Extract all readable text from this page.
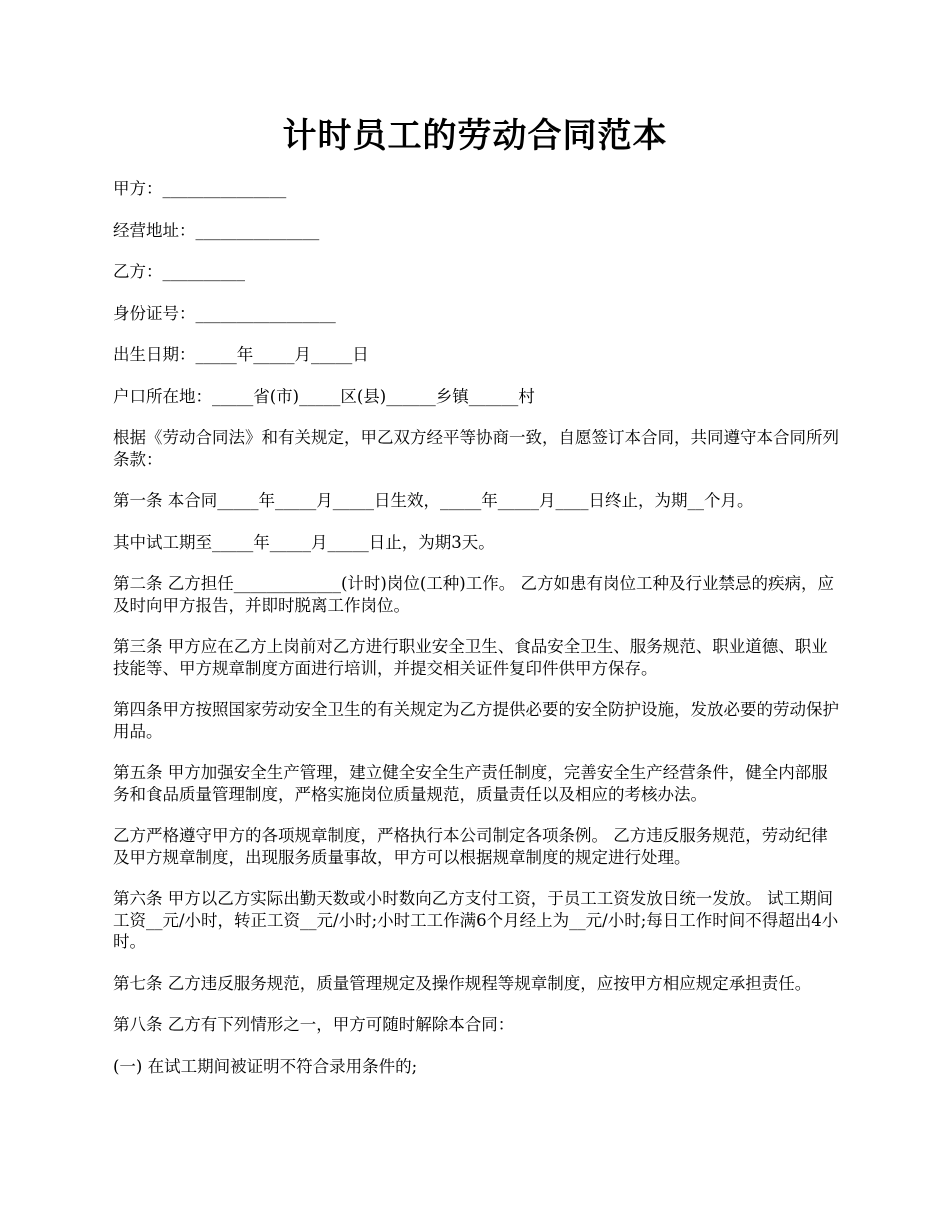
计时员工的劳动合同范本

甲方：_______________

经营地址：_______________

乙方：__________

身份证号：_________________

出生日期：_____年_____月_____日

户口所在地：_____省(市)_____区(县)______乡镇______村

根据《劳动合同法》和有关规定，甲乙双方经平等协商一致，自愿签订本合同，共同遵守本合同所列条款：

第一条 本合同_____年_____月_____日生效，_____年_____月____日终止，为期__个月。

其中试工期至_____年_____月_____日止，为期3天。

第二条 乙方担任_____________(计时)岗位(工种)工作。 乙方如患有岗位工种及行业禁忌的疾病，应及时向甲方报告，并即时脱离工作岗位。

第三条 甲方应在乙方上岗前对乙方进行职业安全卫生、食品安全卫生、服务规范、职业道德、职业技能等、甲方规章制度方面进行培训，并提交相关证件复印件供甲方保存。

第四条甲方按照国家劳动安全卫生的有关规定为乙方提供必要的安全防护设施，发放必要的劳动保护用品。

第五条 甲方加强安全生产管理，建立健全安全生产责任制度，完善安全生产经营条件，健全内部服务和食品质量管理制度，严格实施岗位质量规范，质量责任以及相应的考核办法。

乙方严格遵守甲方的各项规章制度，严格执行本公司制定各项条例。 乙方违反服务规范，劳动纪律及甲方规章制度，出现服务质量事故，甲方可以根据规章制度的规定进行处理。

第六条 甲方以乙方实际出勤天数或小时数向乙方支付工资，于员工工资发放日统一发放。 试工期间工资__元/小时，转正工资__元/小时;小时工工作满6个月经上为__元/小时;每日工作时间不得超出4小时。

第七条 乙方违反服务规范，质量管理规定及操作规程等规章制度，应按甲方相应规定承担责任。

第八条 乙方有下列情形之一，甲方可随时解除本合同：

(一) 在试工期间被证明不符合录用条件的;
